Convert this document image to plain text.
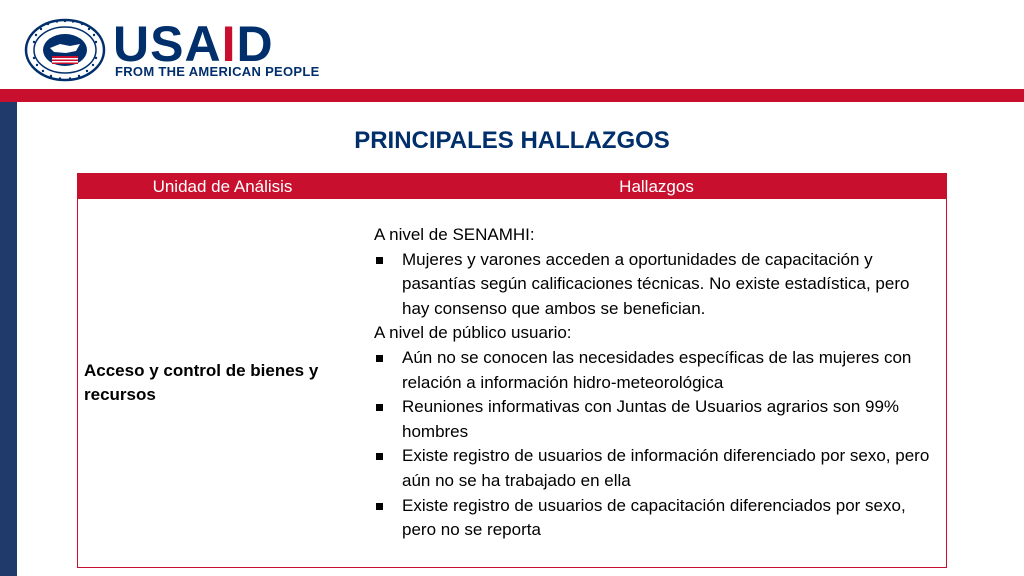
USAID
FROM THE AMERICAN PEOPLE
PRINCIPALES HALLAZGOS
Unidad de Análisis	Hallazgos
Acceso y control de bienes y recursos

A nivel de SENAMHI:

Mujeres y varones acceden a oportunidades de capacitación y pasantías según calificaciones técnicas. No existe estadística, pero hay consenso que ambos se benefician.

A nivel de público usuario:

Aún no se conocen las necesidades específicas de las mujeres con relación a información hidro-meteorológica
Reuniones informativas con Juntas de Usuarios agrarios son 99% hombres
Existe registro de usuarios de información diferenciado por sexo, pero aún no se ha trabajado en ella
Existe registro de usuarios de capacitación diferenciados por sexo, pero no se reporta
